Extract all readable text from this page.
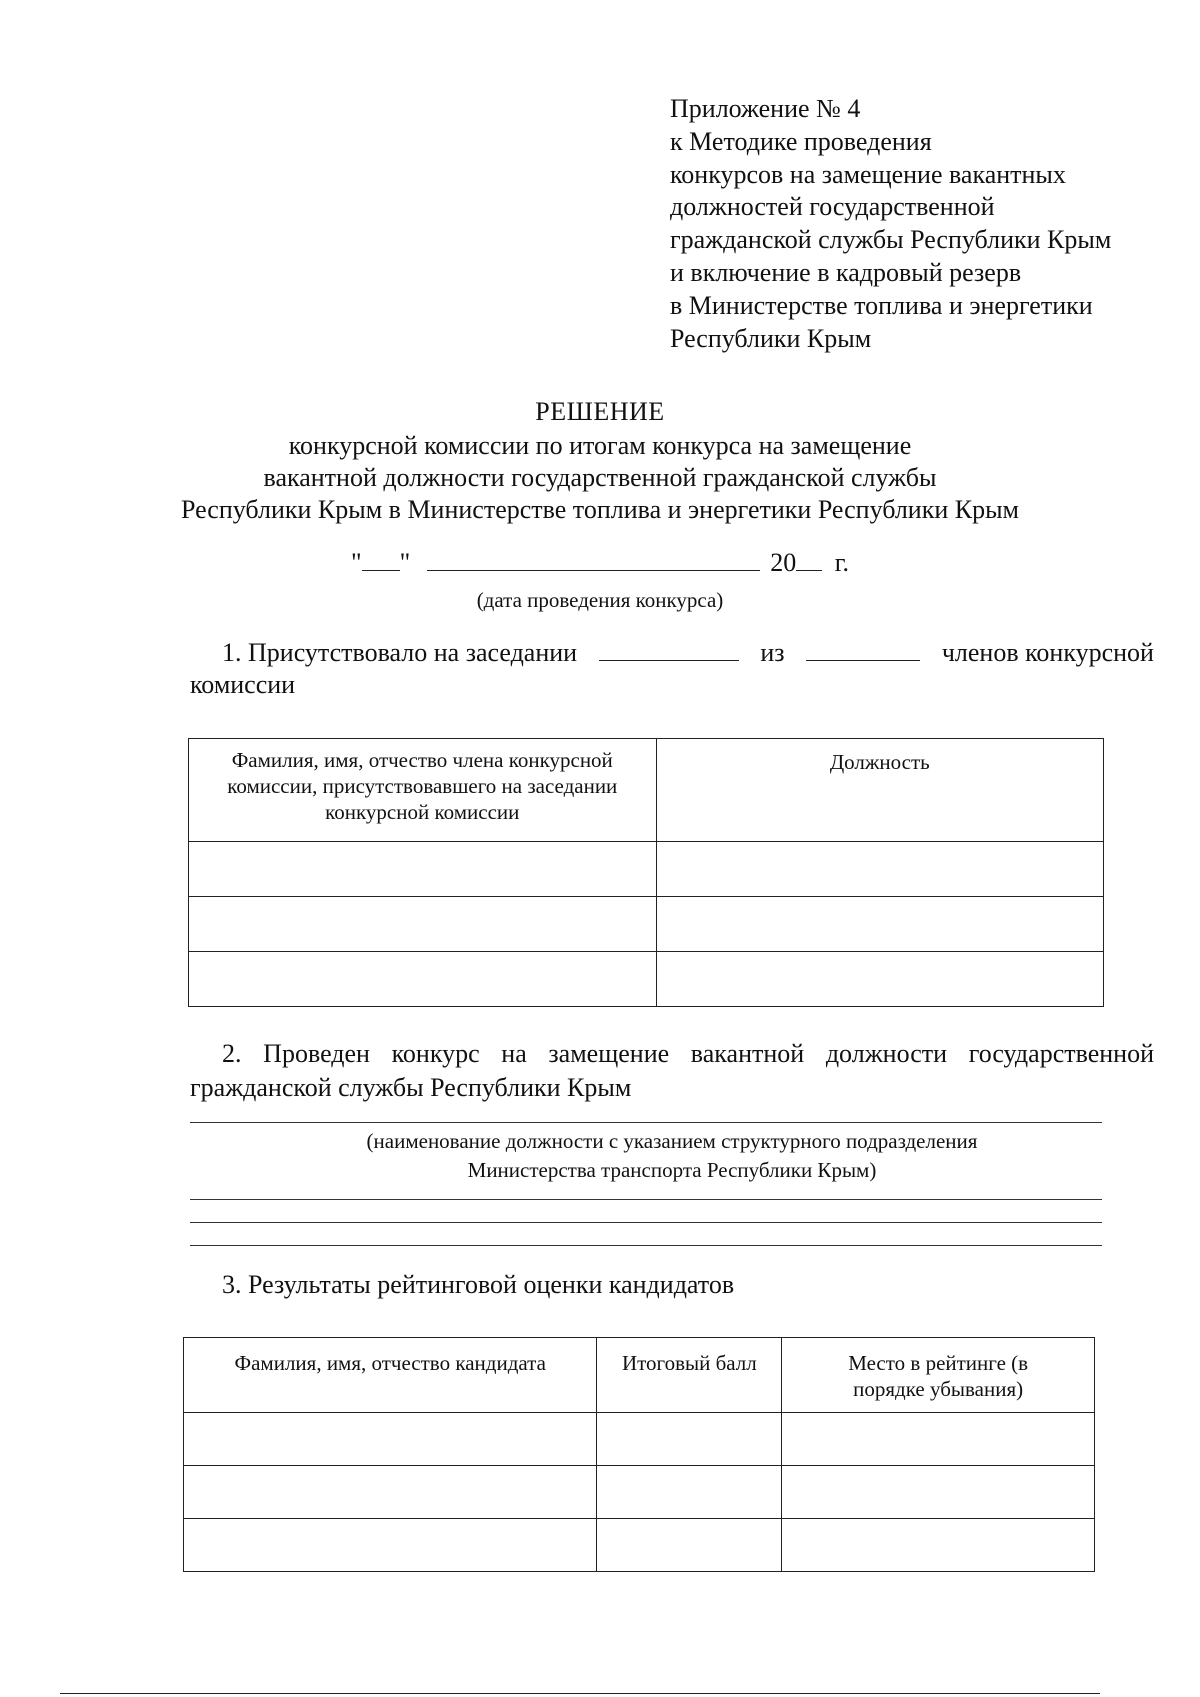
Приложение № 4
к Методике проведения
конкурсов на замещение вакантных
должностей государственной
гражданской службы Республики Крым
и включение в кадровый резерв
в Министерстве топлива и энергетики
Республики Крым
РЕШЕНИЕ
конкурсной комиссии по итогам конкурса на замещение
вакантной должности государственной гражданской службы
Республики Крым в Министерстве топлива и энергетики Республики Крым
" "	20 г.
(дата проведения конкурса)
1. Присутствовало на заседании	из	членов конкурсной
комиссии
Фамилия, имя, отчество члена конкурсной комиссии, присутствовавшего на заседании конкурсной комиссии	Должность

2. Проведен конкурс на замещение вакантной должности государственной гражданской службы Республики Крым
(наименование должности с указанием структурного подразделения
Министерства транспорта Республики Крым)
3. Результаты рейтинговой оценки кандидатов
Фамилия, имя, отчество кандидата	Итоговый балл	Место в рейтинге (в порядке убывания)
